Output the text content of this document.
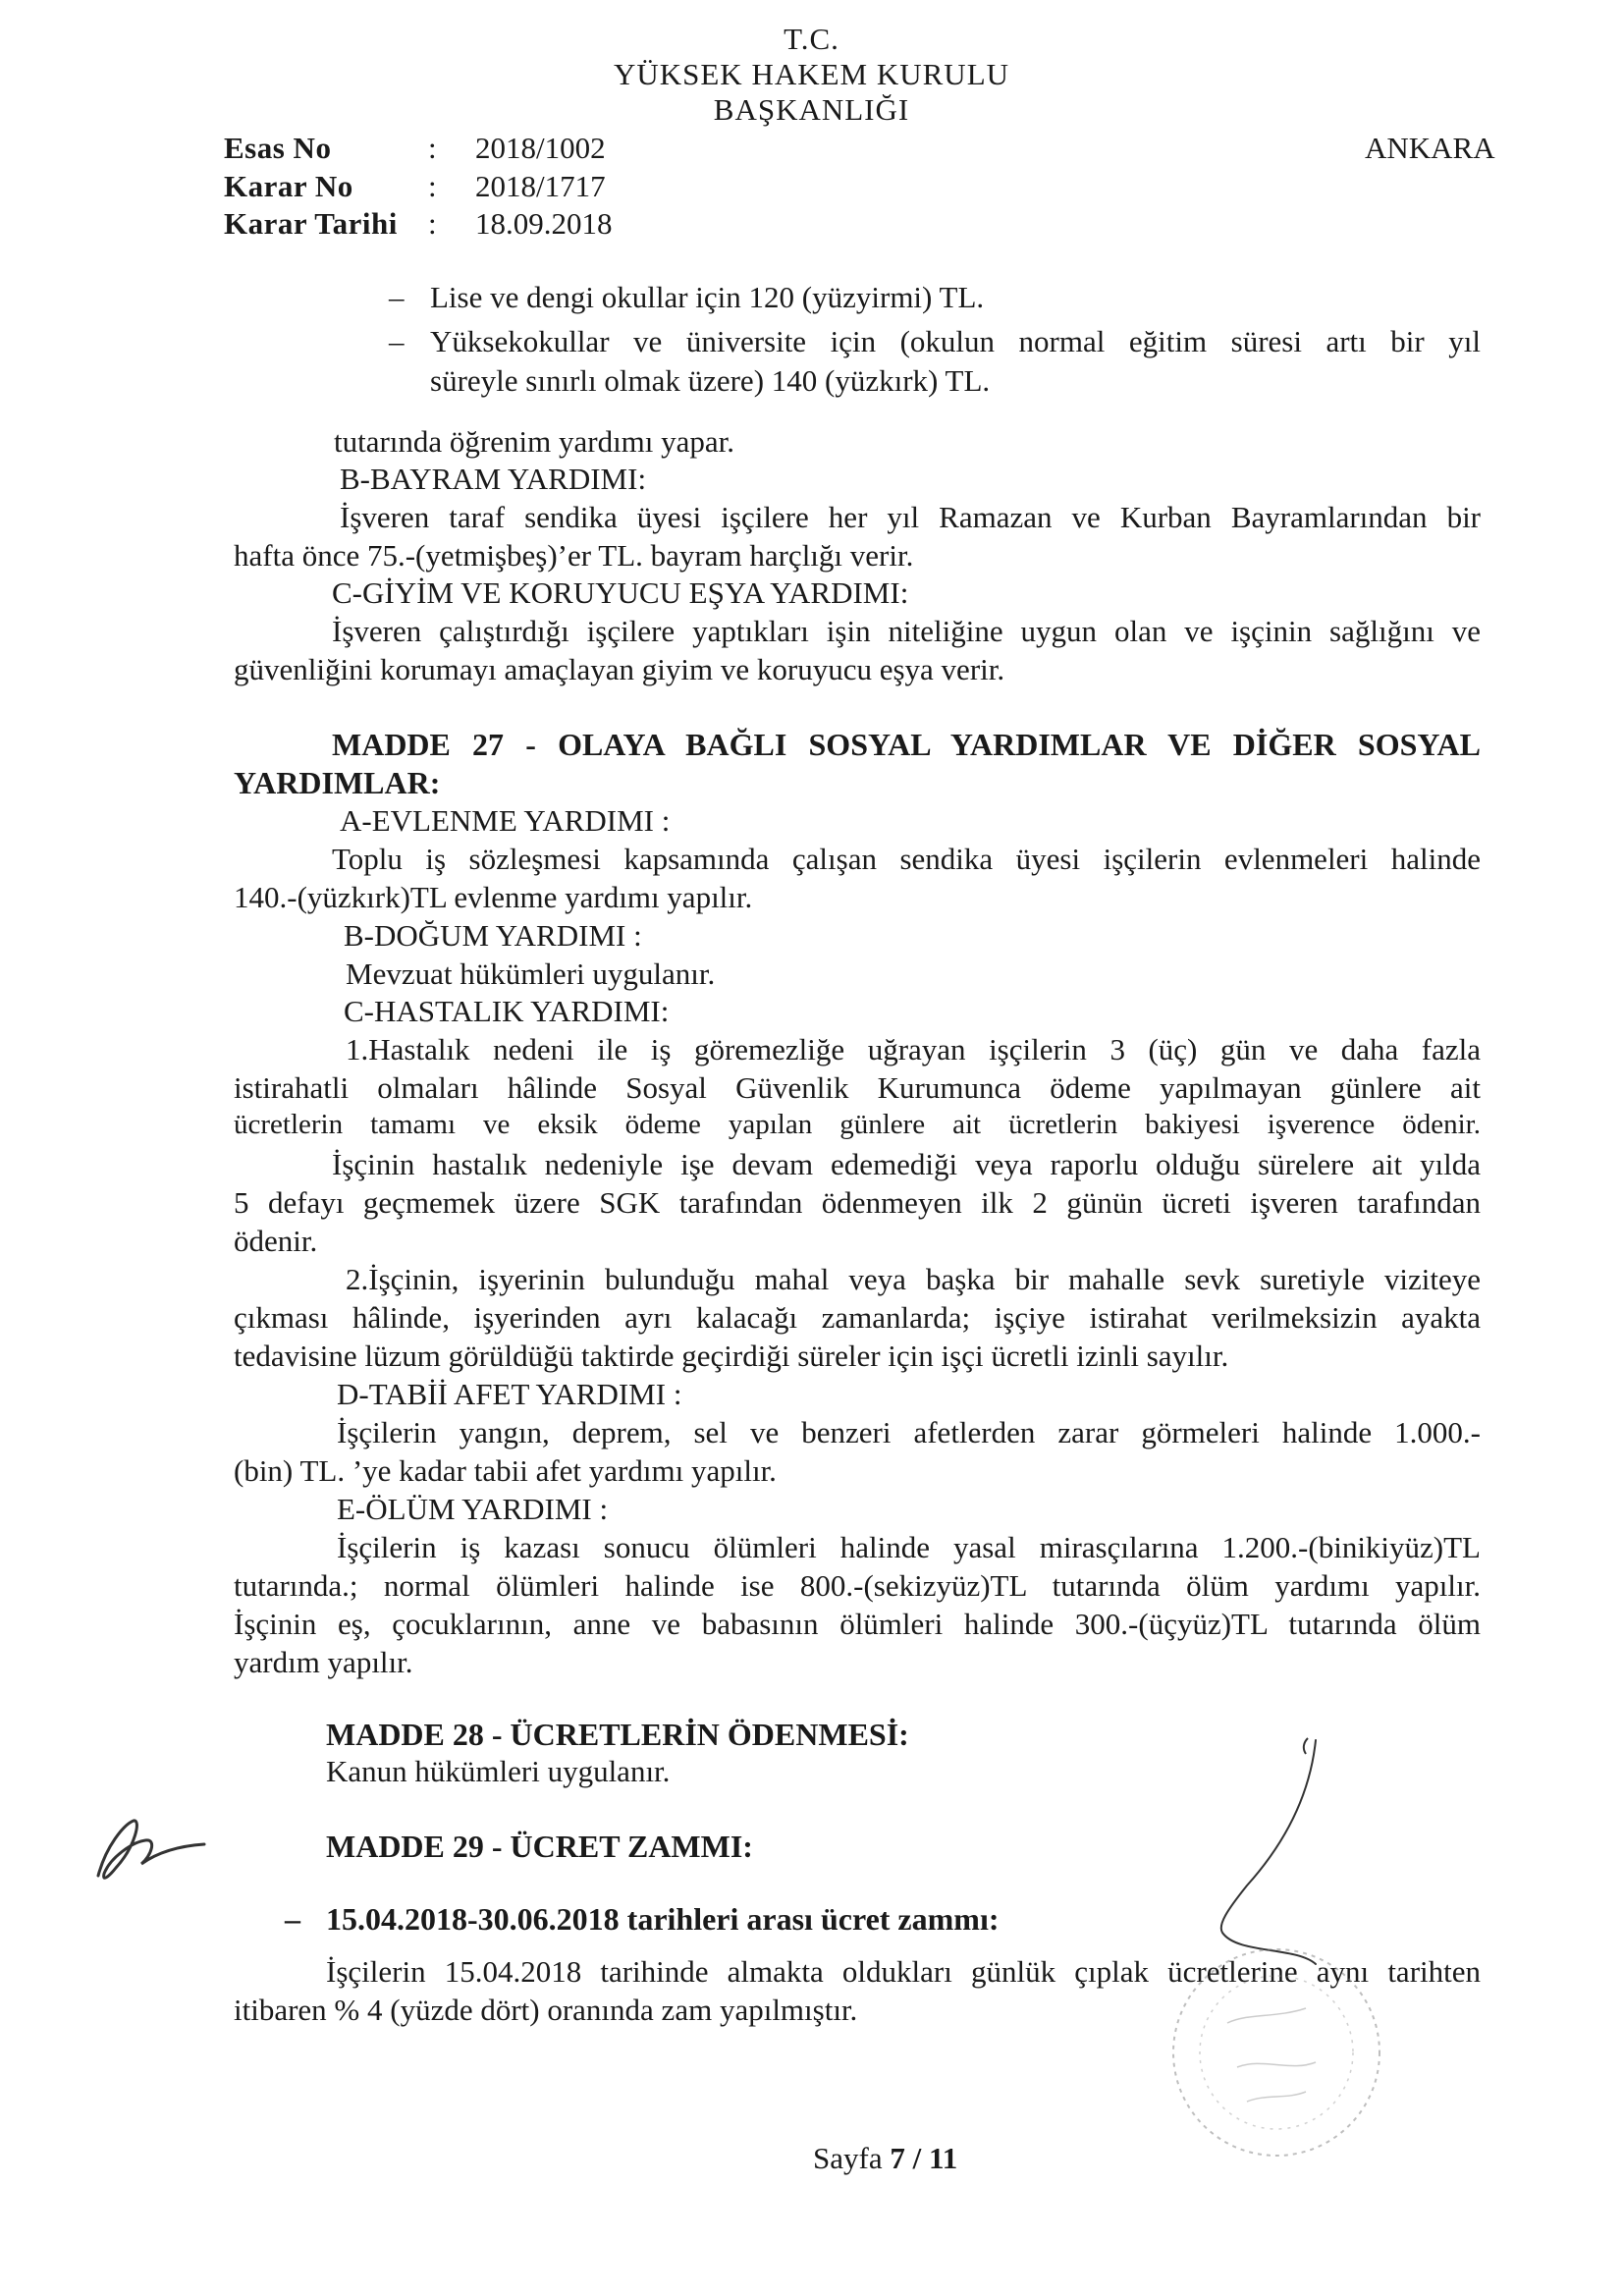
T.C.
YÜKSEK HAKEM KURULU
BAŞKANLIĞI
ANKARA
Esas No	: 2018/1002
Karar No : 2018/1717
Karar Tarihi : 18.09.2018
– Lise ve dengi okullar için 120 (yüzyirmi) TL.
– Yüksekokullar ve üniversite için (okulun normal eğitim süresi artı bir yıl
süreyle sınırlı olmak üzere) 140 (yüzkırk) TL.
tutarında öğrenim yardımı yapar.
B-BAYRAM YARDIMI:
İşveren taraf sendika üyesi işçilere her yıl Ramazan ve Kurban Bayramlarından bir
hafta önce 75.-(yetmişbeş)’er TL. bayram harçlığı verir.
C-GİYİM VE KORUYUCU EŞYA YARDIMI:
İşveren çalıştırdığı işçilere yaptıkları işin niteliğine uygun olan ve işçinin sağlığını ve
güvenliğini korumayı amaçlayan giyim ve koruyucu eşya verir.
MADDE 27 - OLAYA BAĞLI SOSYAL YARDIMLAR VE DİĞER SOSYAL
YARDIMLAR:
A-EVLENME YARDIMI :
Toplu iş sözleşmesi kapsamında çalışan sendika üyesi işçilerin evlenmeleri halinde
140.-(yüzkırk)TL evlenme yardımı yapılır.
B-DOĞUM YARDIMI :
Mevzuat hükümleri uygulanır.
C-HASTALIK YARDIMI:
1.Hastalık nedeni ile iş göremezliğe uğrayan işçilerin 3 (üç) gün ve daha fazla
istirahatli olmaları hâlinde Sosyal Güvenlik Kurumunca ödeme yapılmayan günlere ait
ücretlerin tamamı ve eksik ödeme yapılan günlere ait ücretlerin bakiyesi işverence ödenir.
İşçinin hastalık nedeniyle işe devam edemediği veya raporlu olduğu sürelere ait yılda
5 defayı geçmemek üzere SGK tarafından ödenmeyen ilk 2 günün ücreti işveren tarafından
ödenir.
2.İşçinin, işyerinin bulunduğu mahal veya başka bir mahalle sevk suretiyle viziteye
çıkması hâlinde, işyerinden ayrı kalacağı zamanlarda; işçiye istirahat verilmeksizin ayakta
tedavisine lüzum görüldüğü taktirde geçirdiği süreler için işçi ücretli izinli sayılır.
D-TABİİ AFET YARDIMI :
İşçilerin yangın, deprem, sel ve benzeri afetlerden zarar görmeleri halinde 1.000.-
(bin) TL. ’ye kadar tabii afet yardımı yapılır.
E-ÖLÜM YARDIMI :
İşçilerin iş kazası sonucu ölümleri halinde yasal mirasçılarına 1.200.-(binikiyüz)TL
tutarında.; normal ölümleri halinde ise 800.-(sekizyüz)TL tutarında ölüm yardımı yapılır.
İşçinin eş, çocuklarının, anne ve babasının ölümleri halinde 300.-(üçyüz)TL tutarında ölüm
yardım yapılır.
MADDE 28 - ÜCRETLERİN ÖDENMESİ:
Kanun hükümleri uygulanır.
MADDE 29 - ÜCRET ZAMMI:
– 15.04.2018-30.06.2018 tarihleri arası ücret zammı:
İşçilerin 15.04.2018 tarihinde almakta oldukları günlük çıplak ücretlerine aynı tarihten
itibaren % 4 (yüzde dört) oranında zam yapılmıştır.
Sayfa 7 / 11
